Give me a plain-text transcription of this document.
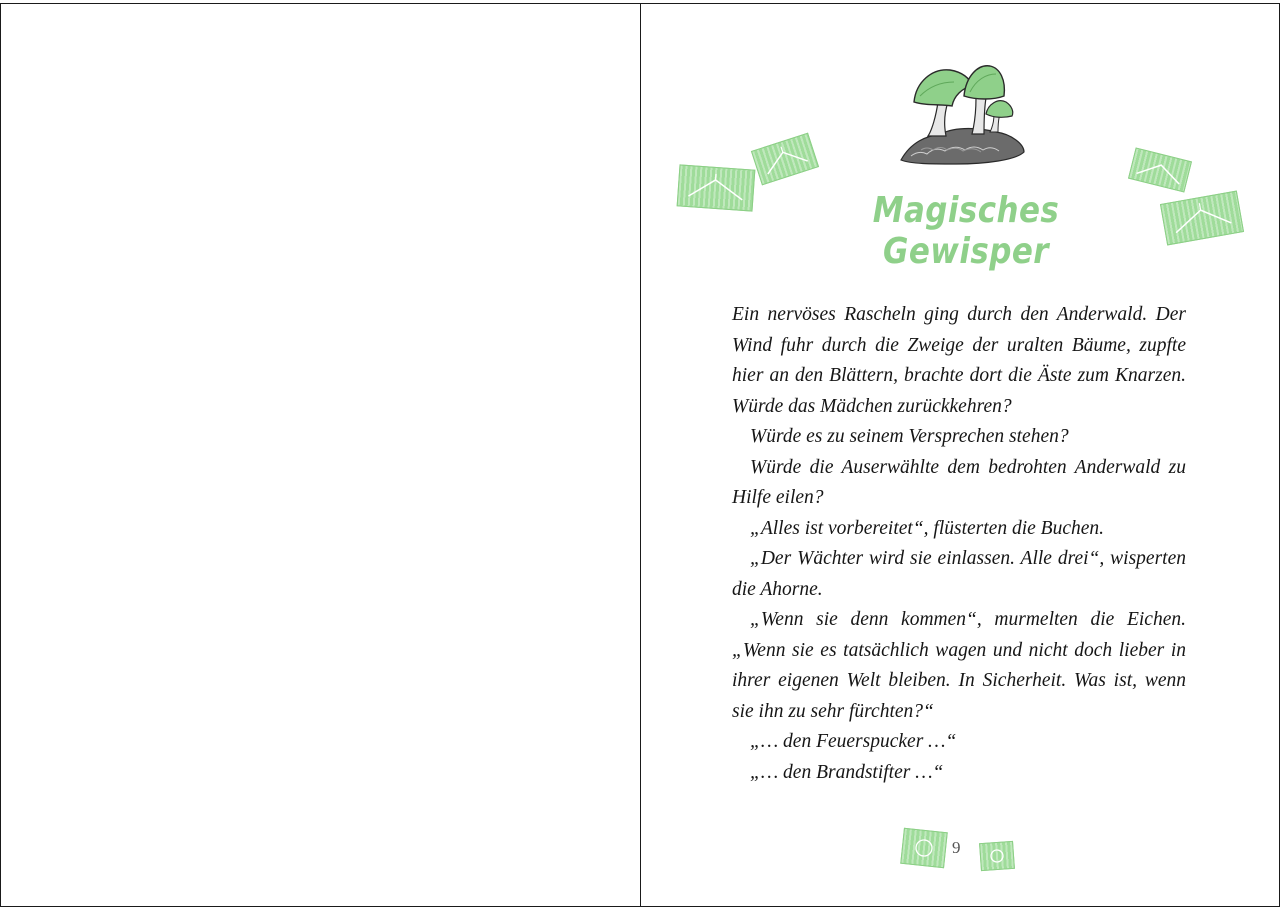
Magisches Gewisper

Ein nervöses Rascheln ging durch den Anderwald. Der Wind fuhr durch die Zweige der uralten Bäume, zupfte hier an den Blättern, brachte dort die Äste zum Knarzen. Würde das Mädchen zurückkehren?

Würde es zu seinem Versprechen stehen?

Würde die Auserwählte dem bedrohten Anderwald zu Hilfe eilen?

„Alles ist vorbereitet“, flüsterten die Buchen.

„Der Wächter wird sie einlassen. Alle drei“, wisperten die Ahorne.

„Wenn sie denn kommen“, murmelten die Eichen. „Wenn sie es tatsächlich wagen und nicht doch lieber in ihrer eigenen Welt bleiben. In Sicherheit. Was ist, wenn sie ihn zu sehr fürchten?“

„… den Feuerspucker …“

„… den Brandstifter …“

9
